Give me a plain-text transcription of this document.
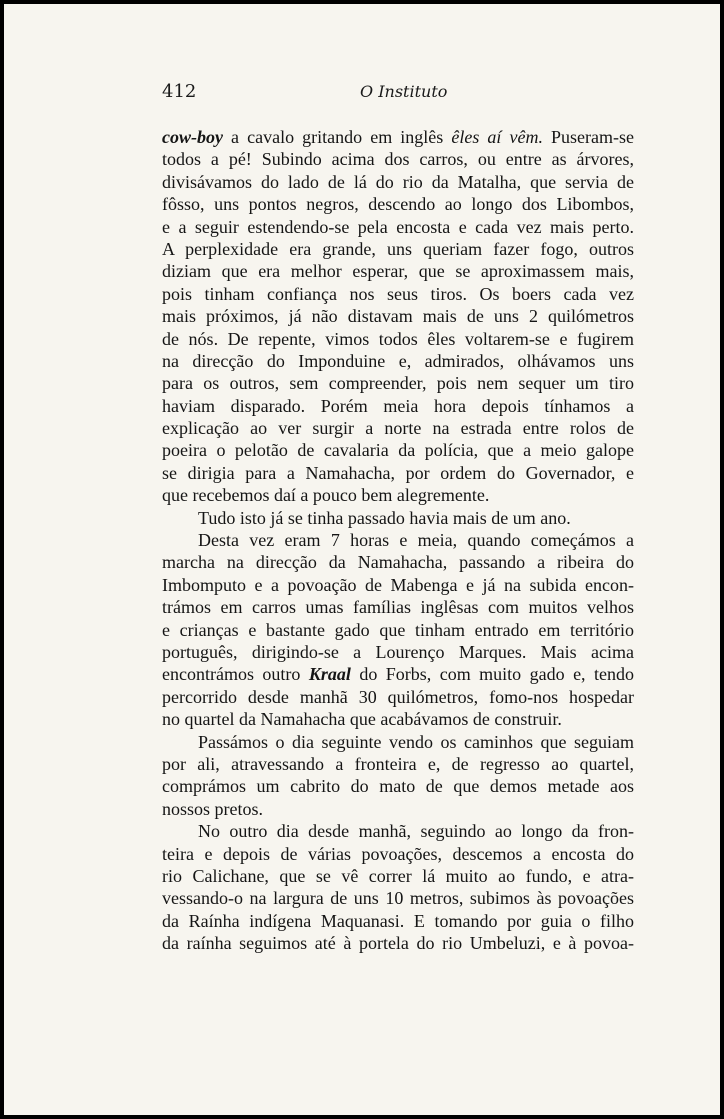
412	O Instituto
cow-boy a cavalo gritando em inglês êles aí vêm. Puseram-se
todos a pé! Subindo acima dos carros, ou entre as árvores,
divisávamos do lado de lá do rio da Matalha, que servia de
fôsso, uns pontos negros, descendo ao longo dos Libombos,
e a seguir estendendo-se pela encosta e cada vez mais perto.
A perplexidade era grande, uns queriam fazer fogo, outros
diziam que era melhor esperar, que se aproximassem mais,
pois tinham confiança nos seus tiros. Os boers cada vez
mais próximos, já não distavam mais de uns 2 quilómetros
de nós. De repente, vimos todos êles voltarem-se e fugirem
na direcção do Imponduine e, admirados, olhávamos uns
para os outros, sem compreender, pois nem sequer um tiro
haviam disparado. Porém meia hora depois tínhamos a
explicação ao ver surgir a norte na estrada entre rolos de
poeira o pelotão de cavalaria da polícia, que a meio galope
se dirigia para a Namahacha, por ordem do Governador, e
que recebemos daí a pouco bem alegremente.
Tudo isto já se tinha passado havia mais de um ano.
Desta vez eram 7 horas e meia, quando começámos a
marcha na direcção da Namahacha, passando a ribeira do
Imbomputo e a povoação de Mabenga e já na subida encon-
trámos em carros umas famílias inglêsas com muitos velhos
e crianças e bastante gado que tinham entrado em território
português, dirigindo-se a Lourenço Marques. Mais acima
encontrámos outro Kraal do Forbs, com muito gado e, tendo
percorrido desde manhã 30 quilómetros, fomo-nos hospedar
no quartel da Namahacha que acabávamos de construir.
Passámos o dia seguinte vendo os caminhos que seguiam
por ali, atravessando a fronteira e, de regresso ao quartel,
comprámos um cabrito do mato de que demos metade aos
nossos pretos.
No outro dia desde manhã, seguindo ao longo da fron-
teira e depois de várias povoações, descemos a encosta do
rio Calichane, que se vê correr lá muito ao fundo, e atra-
vessando-o na largura de uns 10 metros, subimos às povoações
da Raínha indígena Maquanasi. E tomando por guia o filho
da raínha seguimos até à portela do rio Umbeluzi, e à povoa-
